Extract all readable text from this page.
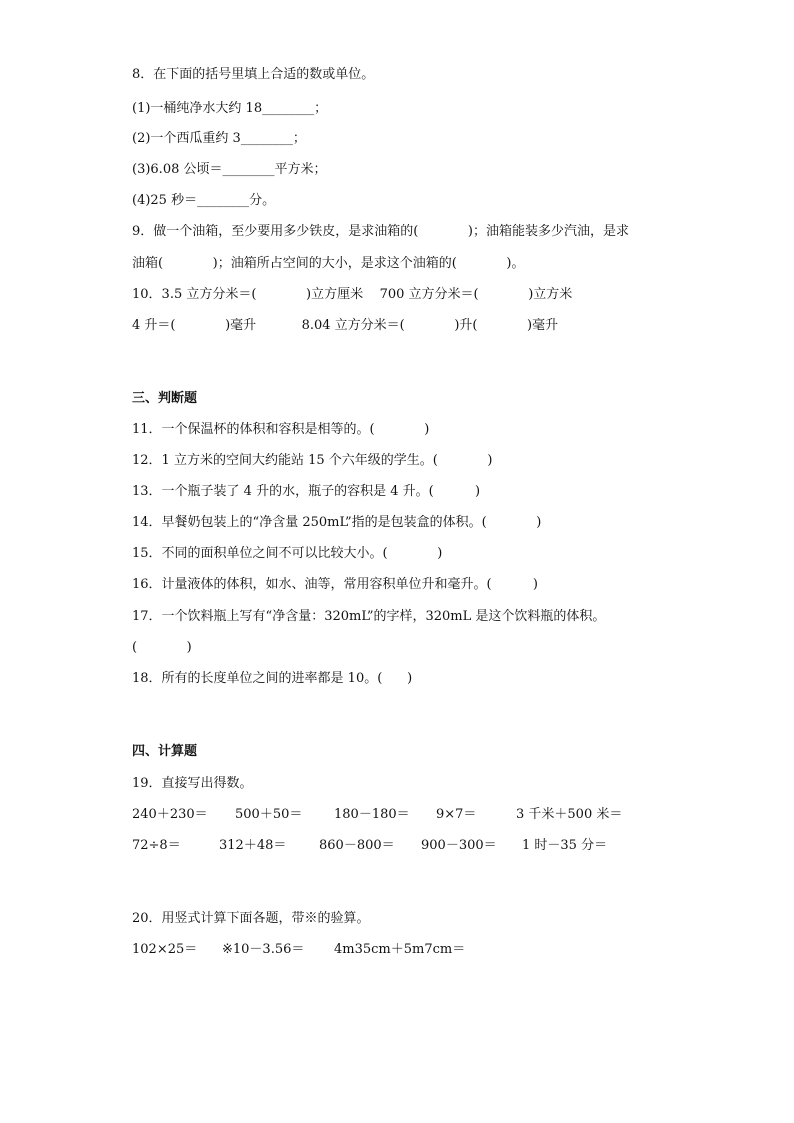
8．在下面的括号里填上合适的数或单位。
(1)一桶纯净水大约 18________；
(2)一个西瓜重约 3________；
(3)6.08 公顷＝________平方米；
(4)25 秒＝________分。
9．做一个油箱，至少要用多少铁皮，是求油箱的(            )；油箱能装多少汽油，是求
油箱(            )；油箱所占空间的大小，是求这个油箱的(            )。
10．3.5 立方分米＝(            )立方厘米    700 立方分米＝(            )立方米
4 升＝(            )毫升           8.04 立方分米＝(            )升(            )毫升
三、判断题
11．一个保温杯的体积和容积是相等的。(            )
12．1 立方米的空间大约能站 15 个六年级的学生。(            )
13．一个瓶子装了 4 升的水，瓶子的容积是 4 升。(          )
14．早餐奶包装上的“净含量 250mL”指的是包装盒的体积。(            )
15．不同的面积单位之间不可以比较大小。(            )
16．计量液体的体积，如水、油等，常用容积单位升和毫升。(          )
17．一个饮料瓶上写有“净含量：320mL”的字样，320mL 是这个饮料瓶的体积。
(            )
18．所有的长度单位之间的进率都是 10。(      )
四、计算题
19．直接写出得数。
240＋230＝ 500＋50＝ 180－180＝ 9×7＝	3 千米＋500 米＝
72÷8＝	312＋48＝	860－800＝ 900－300＝ 1 时－35 分＝
20．用竖式计算下面各题，带※的验算。
102×25＝ ※10－3.56＝ 4m35cm＋5m7cm＝
